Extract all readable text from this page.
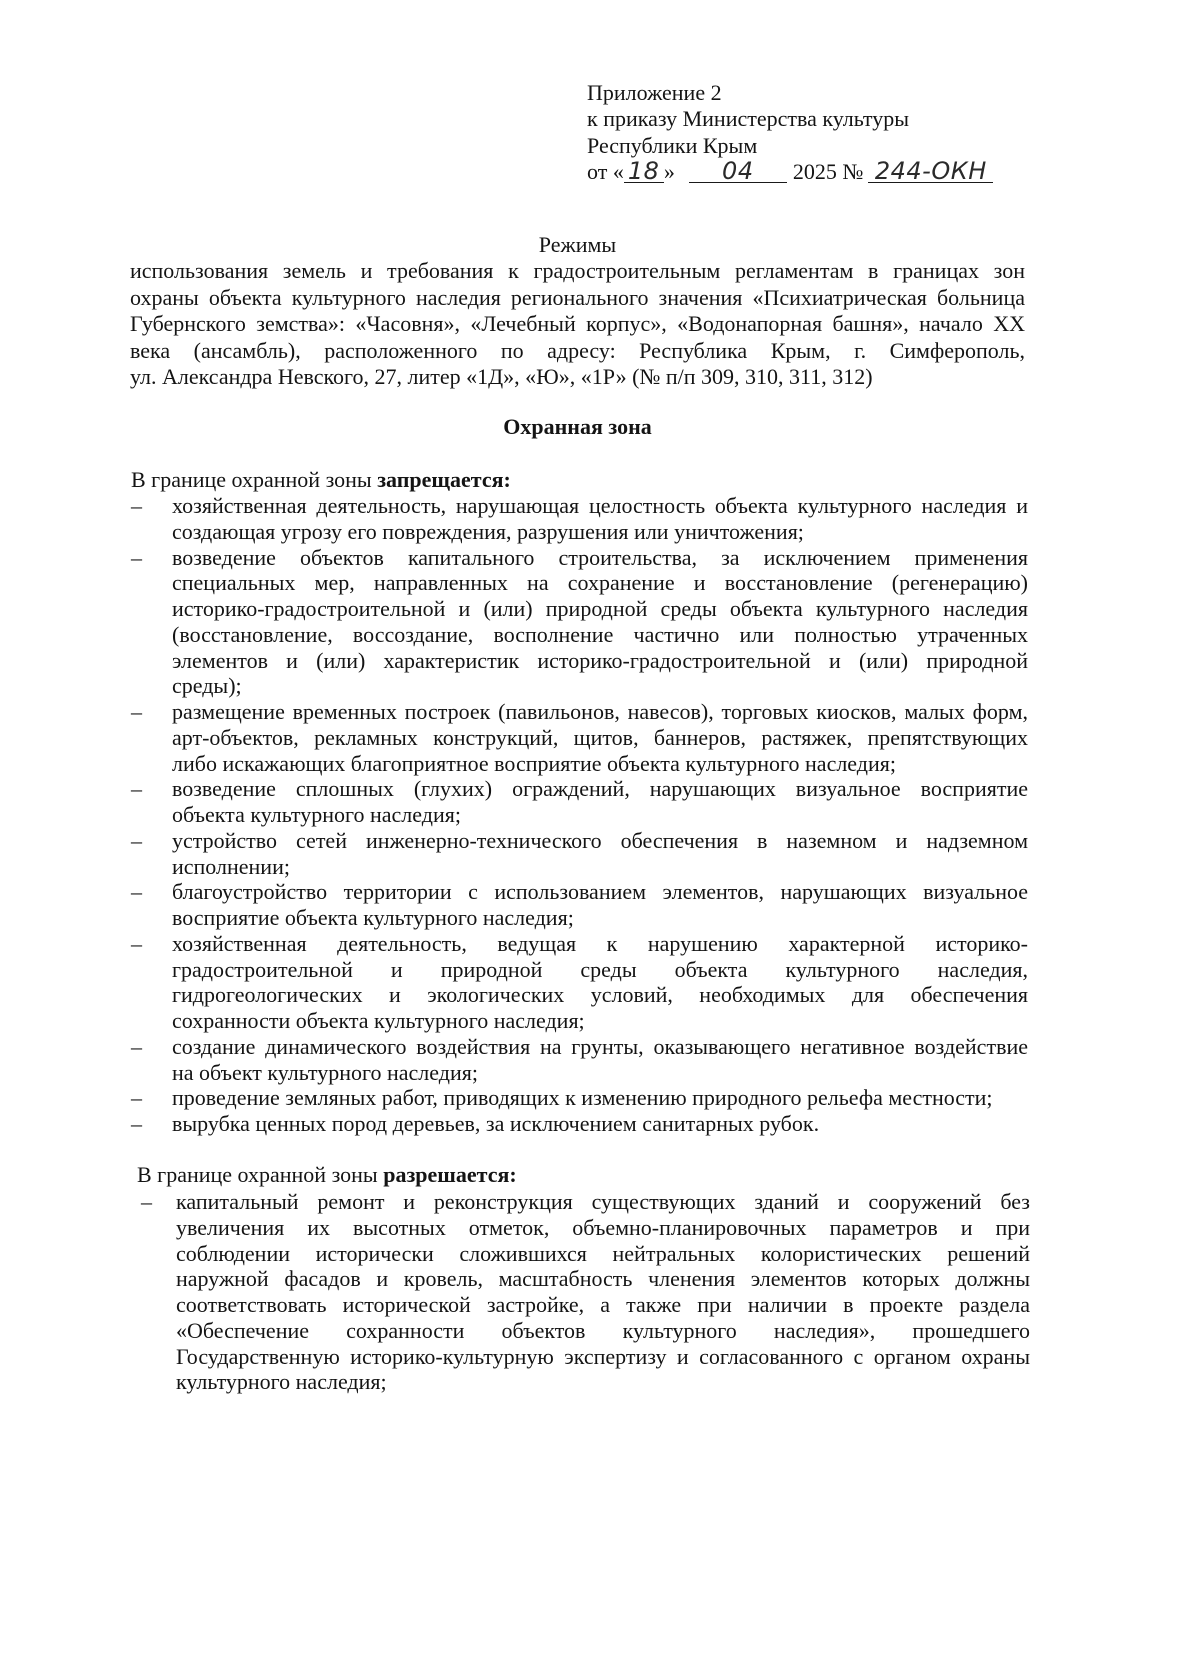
Приложение 2
к приказу Министерства культуры
Республики Крым
от « 18 » 04 2025 № 244-ОКН
Режимы
использования земель и требования к градостроительным регламентам в границах зон
охраны объекта культурного наследия регионального значения «Психиатрическая больница
Губернского земства»: «Часовня», «Лечебный корпус», «Водонапорная башня», начало XX
века (ансамбль), расположенного по адресу: Республика Крым, г. Симферополь,
ул. Александра Невского, 27, литер «1Д», «Ю», «1Р» (№ п/п 309, 310, 311, 312)
Охранная зона
В границе охранной зоны запрещается:
– хозяйственная деятельность, нарушающая целостность объекта культурного наследия и
создающая угрозу его повреждения, разрушения или уничтожения;
– возведение объектов капитального строительства, за исключением применения
специальных мер, направленных на сохранение и восстановление (регенерацию)
историко-градостроительной и (или) природной среды объекта культурного наследия
(восстановление, воссоздание, восполнение частично или полностью утраченных
элементов и (или) характеристик историко-градостроительной и (или) природной
среды);
– размещение временных построек (павильонов, навесов), торговых киосков, малых форм,
арт-объектов, рекламных конструкций, щитов, баннеров, растяжек, препятствующих
либо искажающих благоприятное восприятие объекта культурного наследия;
– возведение сплошных (глухих) ограждений, нарушающих визуальное восприятие
объекта культурного наследия;
– устройство сетей инженерно-технического обеспечения в наземном и надземном
исполнении;
– благоустройство территории с использованием элементов, нарушающих визуальное
восприятие объекта культурного наследия;
– хозяйственная деятельность, ведущая к нарушению характерной историко-
градостроительной и природной среды объекта культурного наследия,
гидрогеологических и экологических условий, необходимых для обеспечения
сохранности объекта культурного наследия;
– создание динамического воздействия на грунты, оказывающего негативное воздействие
на объект культурного наследия;
– проведение земляных работ, приводящих к изменению природного рельефа местности;
– вырубка ценных пород деревьев, за исключением санитарных рубок.
В границе охранной зоны разрешается:
– капитальный ремонт и реконструкция существующих зданий и сооружений без
увеличения их высотных отметок, объемно-планировочных параметров и при
соблюдении исторически сложившихся нейтральных колористических решений
наружной фасадов и кровель, масштабность членения элементов которых должны
соответствовать исторической застройке, а также при наличии в проекте раздела
«Обеспечение сохранности объектов культурного наследия», прошедшего
Государственную историко-культурную экспертизу и согласованного с органом охраны
культурного наследия;
